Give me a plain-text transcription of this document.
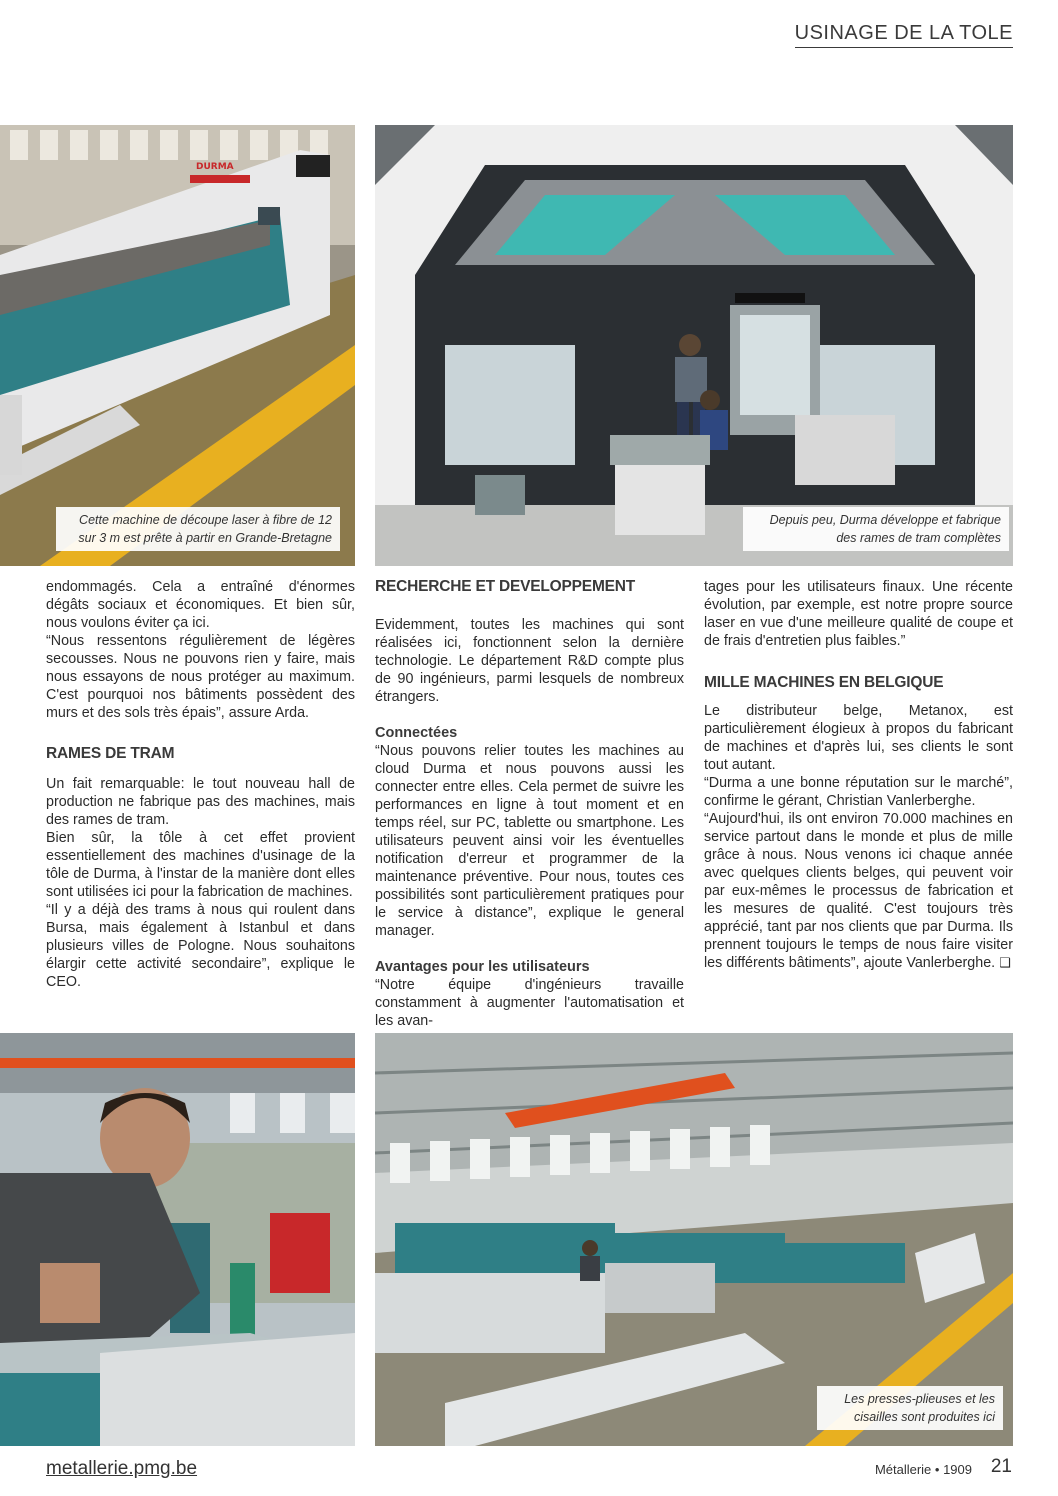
USINAGE DE LA TOLE
DURMA
Cette machine de découpe laser à fibre de 12 sur 3 m est prête à partir en Grande-Bretagne
Depuis peu, Durma développe et fabrique des rames de tram complètes

endommagés. Cela a entraîné d'énormes dégâts sociaux et économiques. Et bien sûr, nous voulons éviter ça ici.

“Nous ressentons régulièrement de légères secousses. Nous ne pouvons rien y faire, mais nous essayons de nous protéger au maximum. C'est pourquoi nos bâtiments possèdent des murs et des sols très épais”, assure Arda.

RAMES DE TRAM

Un fait remarquable: le tout nouveau hall de production ne fabrique pas des machines, mais des rames de tram.

Bien sûr, la tôle à cet effet provient essentiellement des machines d'usinage de la tôle de Durma, à l'instar de la manière dont elles sont utilisées ici pour la fabrication de machines.

“Il y a déjà des trams à nous qui roulent dans Bursa, mais également à Istanbul et dans plusieurs villes de Pologne. Nous souhaitons élargir cette activité secondaire”, explique le CEO.

RECHERCHE ET DEVELOPPEMENT

Evidemment, toutes les machines qui sont réalisées ici, fonctionnent selon la dernière technologie. Le département R&D compte plus de 90 ingénieurs, parmi lesquels de nombreux étrangers.

Connectées

“Nous pouvons relier toutes les machines au cloud Durma et nous pouvons aussi les connecter entre elles. Cela permet de suivre les performances en ligne à tout moment et en temps réel, sur PC, tablette ou smartphone. Les utilisateurs peuvent ainsi voir les éventuelles notification d'erreur et programmer de la maintenance préventive. Pour nous, toutes ces possibilités sont particulièrement pratiques pour le service à distance”, explique le general manager.

Avantages pour les utilisateurs

“Notre équipe d'ingénieurs travaille constamment à augmenter l'automatisation et les avan-

tages pour les utilisateurs finaux. Une récente évolution, par exemple, est notre propre source laser en vue d'une meilleure qualité de coupe et de frais d'entretien plus faibles.”

MILLE MACHINES EN BELGIQUE

Le distributeur belge, Metanox, est particulièrement élogieux à propos du fabricant de machines et d'après lui, ses clients le sont tout autant.

“Durma a une bonne réputation sur le marché”, confirme le gérant, Christian Vanlerberghe.

“Aujourd'hui, ils ont environ 70.000 machines en service partout dans le monde et plus de mille grâce à nous. Nous venons ici chaque année avec quelques clients belges, qui peuvent voir par eux-mêmes le processus de fabrication et les mesures de qualité. C'est toujours très apprécié, tant par nos clients que par Durma. Ils prennent toujours le temps de nous faire visiter les différents bâtiments”, ajoute Vanlerberghe. ❑

Les presses-plieuses et les cisailles sont produites ici
metallerie.pmg.be	Métallerie • 1909 21
